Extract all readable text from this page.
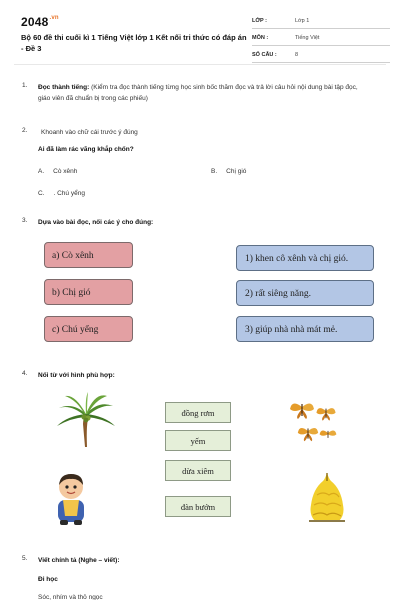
$2048^{.vn}$
Bộ 60 đề thi cuối kì 1 Tiếng Việt lớp 1 Kết nối tri thức có đáp án - Đề 3
LỚP :	Lớp 1
MÔN :	Tiếng Việt
SỐ CÂU :	8
1. Đọc thành tiếng: (Kiểm tra đọc thành tiếng từng học sinh bốc thăm đọc và trả lời câu hỏi nội dung bài tập đọc, giáo viên đã chuẩn bị trong các phiếu)
2. Khoanh vào chữ cái trước ý đúng
Ai đã làm rác vãng khắp chốn?
A. Cò xênh	B. Chị gió
C. . Chú yểng
3. Dựa vào bài đọc, nối các ý cho đúng:
a) Cò xênh
b) Chị gió
c) Chú yểng
1) khen cô xênh và chị gió.
2) rất siêng năng.
3) giúp nhà nhà mát mẻ.
4. Nối từ với hình phù hợp:
đồng rơm
yếm
dừa xiêm
đàn bướm
5. Viết chính tả (Nghe – viết):
Đi học
Sóc, nhím và thỏ ngọc
